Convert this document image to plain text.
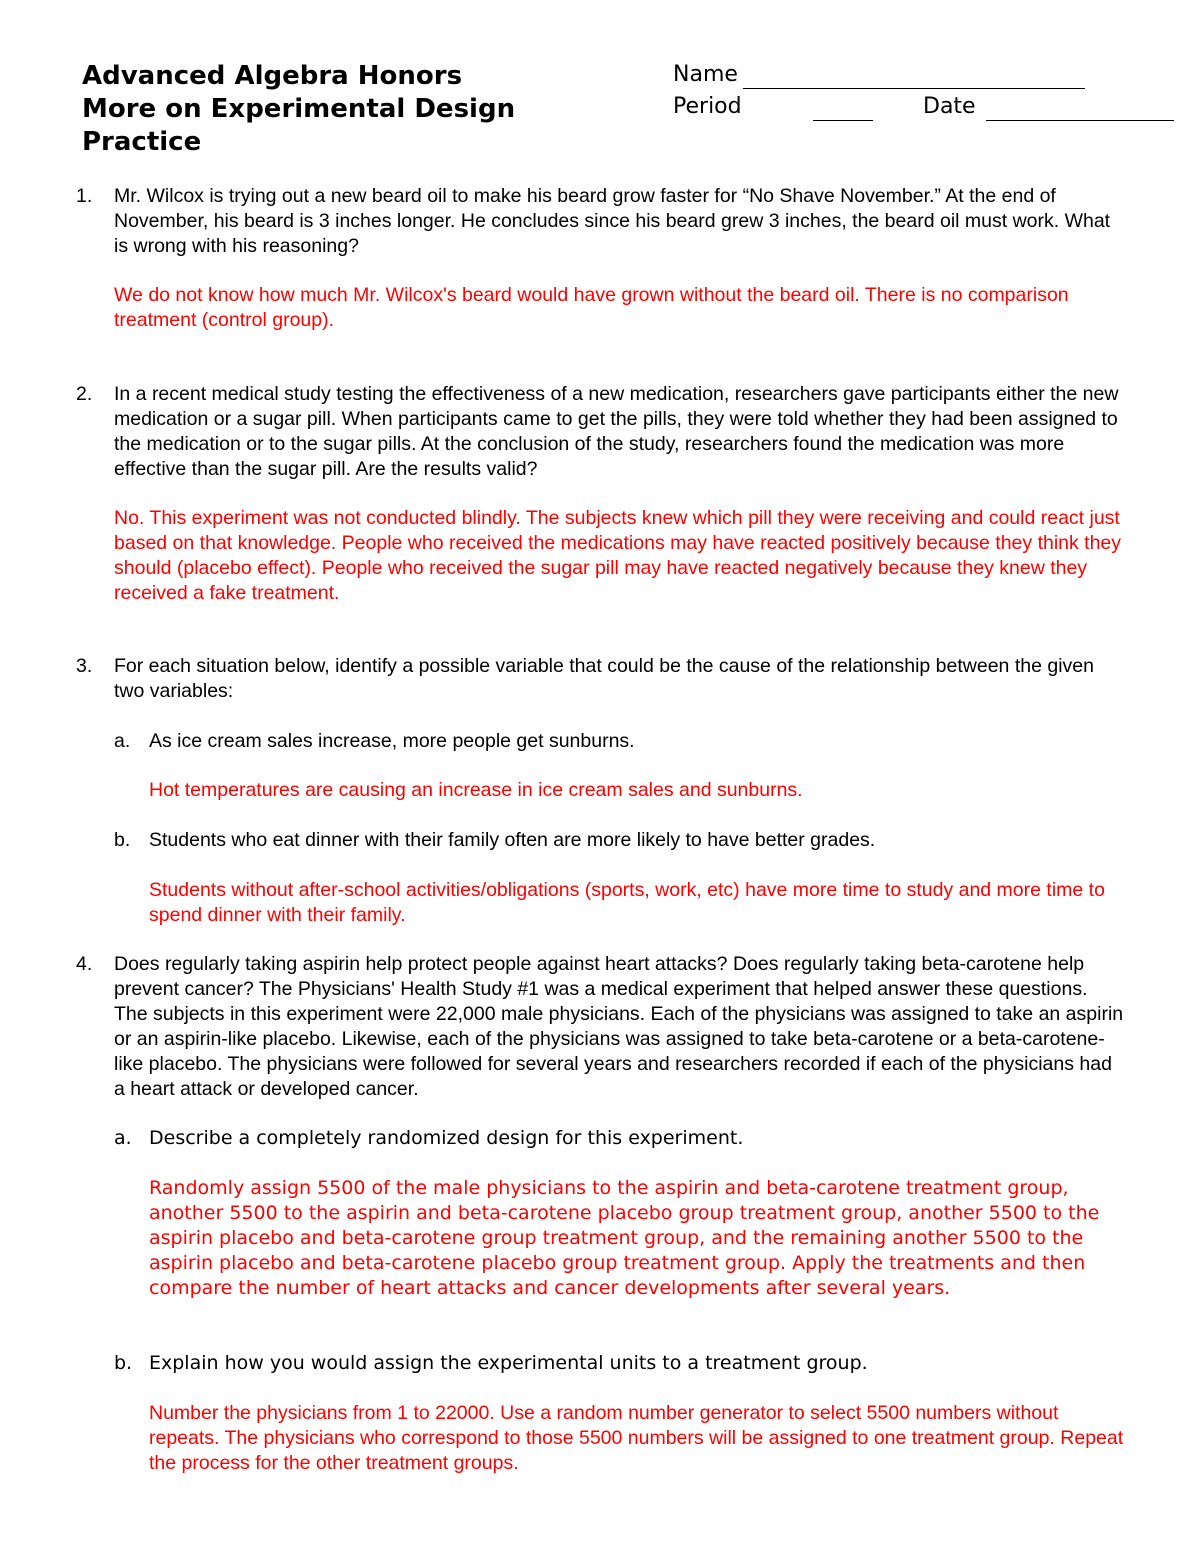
Advanced Algebra Honors
More on Experimental Design
Practice
Name
Period	Date
1.	Mr. Wilcox is trying out a new beard oil to make his beard grow faster for “No Shave November.” At the end of November, his beard is 3 inches longer. He concludes since his beard grew 3 inches, the beard oil must work. What is wrong with his reasoning?
We do not know how much Mr. Wilcox's beard would have grown without the beard oil. There is no comparison treatment (control group).
2.	In a recent medical study testing the effectiveness of a new medication, researchers gave participants either the new medication or a sugar pill. When participants came to get the pills, they were told whether they had been assigned to the medication or to the sugar pills. At the conclusion of the study, researchers found the medication was more effective than the sugar pill. Are the results valid?
No. This experiment was not conducted blindly. The subjects knew which pill they were receiving and could react just based on that knowledge. People who received the medications may have reacted positively because they think they should (placebo effect). People who received the sugar pill may have reacted negatively because they knew they received a fake treatment.
3.	For each situation below, identify a possible variable that could be the cause of the relationship between the given two variables:
a. As ice cream sales increase, more people get sunburns.
Hot temperatures are causing an increase in ice cream sales and sunburns.
b. Students who eat dinner with their family often are more likely to have better grades.
Students without after-school activities/obligations (sports, work, etc) have more time to study and more time to spend dinner with their family.
4.	Does regularly taking aspirin help protect people against heart attacks? Does regularly taking beta-carotene help prevent cancer? The Physicians' Health Study #1 was a medical experiment that helped answer these questions. The subjects in this experiment were 22,000 male physicians. Each of the physicians was assigned to take an aspirin or an aspirin-like placebo. Likewise, each of the physicians was assigned to take beta-carotene or a beta-carotene-like placebo. The physicians were followed for several years and researchers recorded if each of the physicians had a heart attack or developed cancer.
a. Describe a completely randomized design for this experiment.
Randomly assign 5500 of the male physicians to the aspirin and beta-carotene treatment group, another 5500 to the aspirin and beta-carotene placebo group treatment group, another 5500 to the aspirin placebo and beta-carotene group treatment group, and the remaining another 5500 to the aspirin placebo and beta-carotene placebo group treatment group. Apply the treatments and then compare the number of heart attacks and cancer developments after several years.
b. Explain how you would assign the experimental units to a treatment group.
Number the physicians from 1 to 22000. Use a random number generator to select 5500 numbers without repeats. The physicians who correspond to those 5500 numbers will be assigned to one treatment group. Repeat the process for the other treatment groups.
